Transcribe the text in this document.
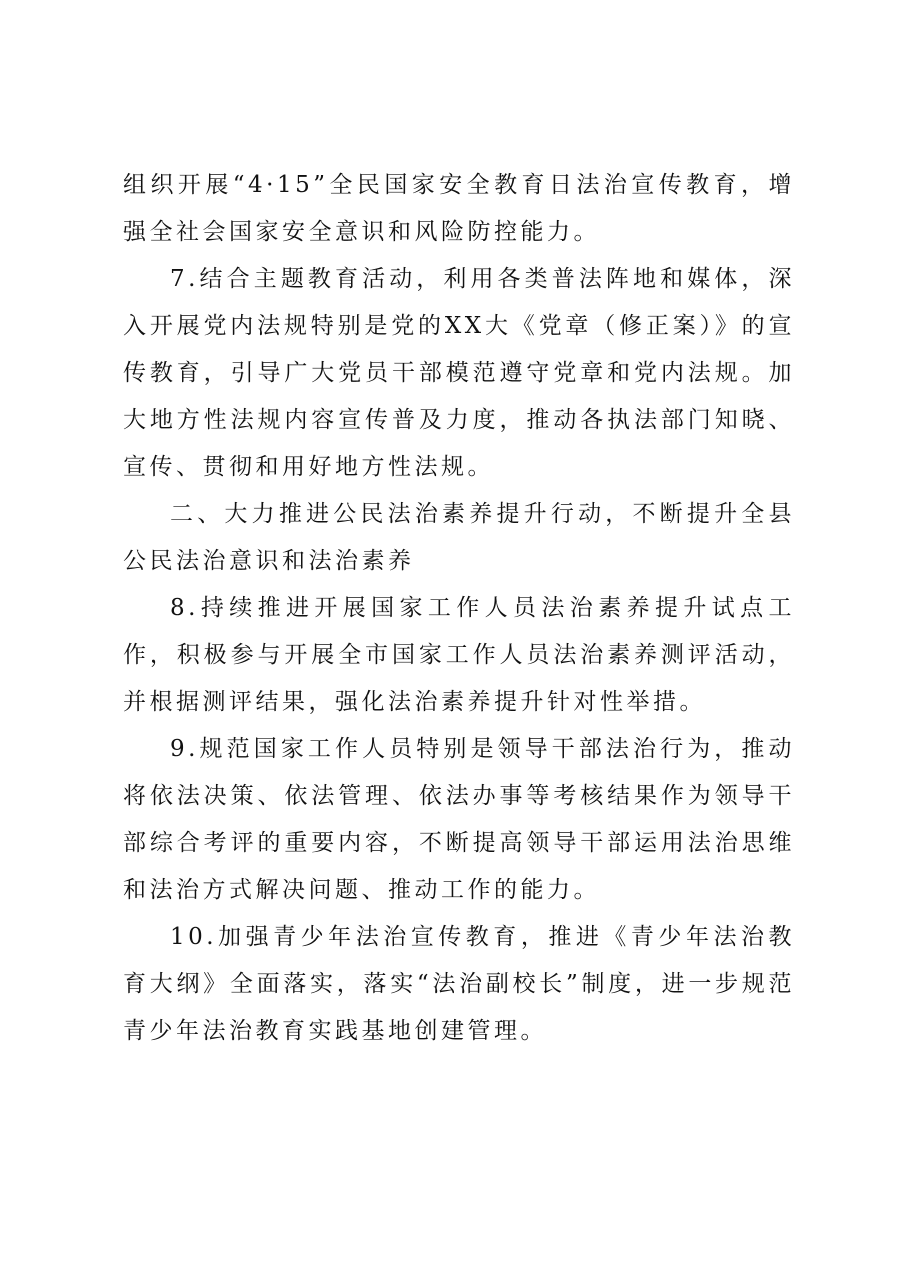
组织开展“4·15”全民国家安全教育日法治宣传教育，增强全社会国家安全意识和风险防控能力。

7.结合主题教育活动，利用各类普法阵地和媒体，深入开展党内法规特别是党的XX大《党章（修正案）》的宣传教育，引导广大党员干部模范遵守党章和党内法规。加大地方性法规内容宣传普及力度，推动各执法部门知晓、宣传、贯彻和用好地方性法规。

二、大力推进公民法治素养提升行动，不断提升全县公民法治意识和法治素养

8.持续推进开展国家工作人员法治素养提升试点工作，积极参与开展全市国家工作人员法治素养测评活动，并根据测评结果，强化法治素养提升针对性举措。

9.规范国家工作人员特别是领导干部法治行为，推动将依法决策、依法管理、依法办事等考核结果作为领导干部综合考评的重要内容，不断提高领导干部运用法治思维和法治方式解决问题、推动工作的能力。

10.加强青少年法治宣传教育，推进《青少年法治教育大纲》全面落实，落实“法治副校长”制度，进一步规范青少年法治教育实践基地创建管理。
